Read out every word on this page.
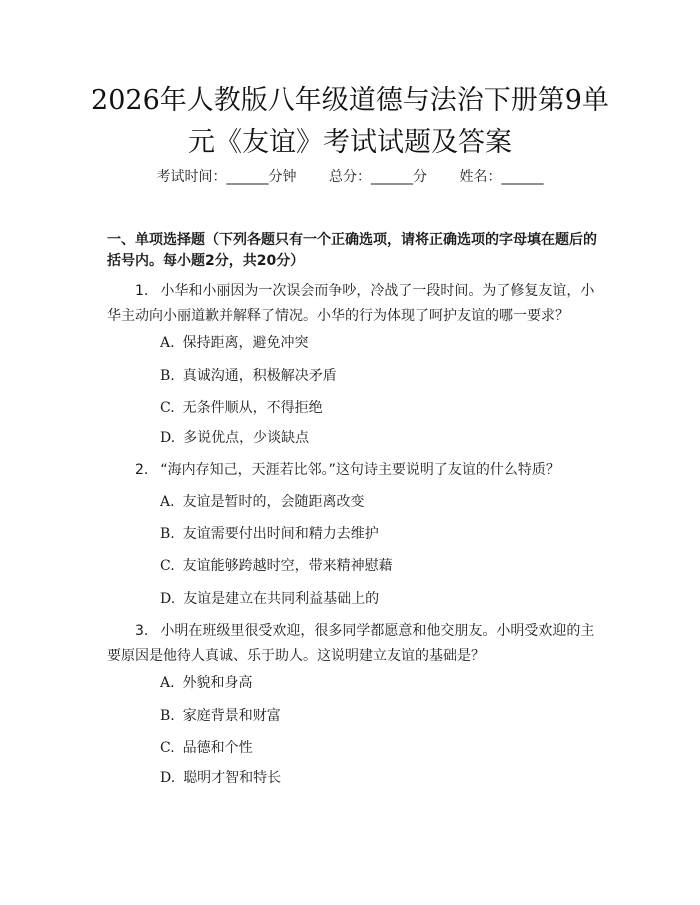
2026年人教版八年级道德与法治下册第9单元《友谊》考试试题及答案
考试时间：______分钟 总分：______分 姓名：______

一、单项选择题（下列各题只有一个正确选项，请将正确选项的字母填在题后的括号内。每小题2分，共20分）

1. 小华和小丽因为一次误会而争吵，冷战了一段时间。为了修复友谊，小华主动向小丽道歉并解释了情况。小华的行为体现了呵护友谊的哪一要求？

A. 保持距离，避免冲突

B. 真诚沟通，积极解决矛盾

C. 无条件顺从，不得拒绝

D. 多说优点，少谈缺点

2. “海内存知己，天涯若比邻。”这句诗主要说明了友谊的什么特质？

A. 友谊是暂时的，会随距离改变

B. 友谊需要付出时间和精力去维护

C. 友谊能够跨越时空，带来精神慰藉

D. 友谊是建立在共同利益基础上的

3. 小明在班级里很受欢迎，很多同学都愿意和他交朋友。小明受欢迎的主要原因是他待人真诚、乐于助人。这说明建立友谊的基础是？

A. 外貌和身高

B. 家庭背景和财富

C. 品德和个性

D. 聪明才智和特长
